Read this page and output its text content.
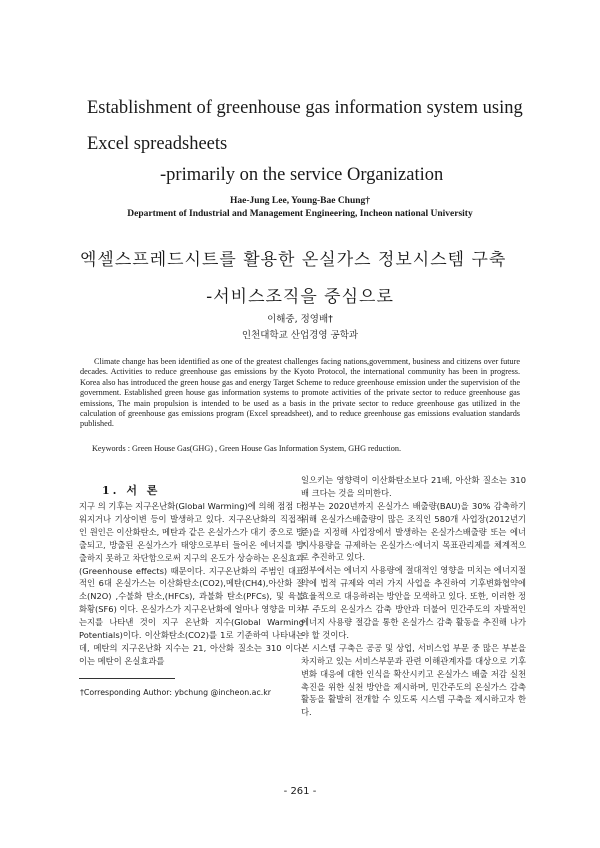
Establishment of greenhouse gas information system using
Excel spreadsheets
-primarily on the service Organization
Hae-Jung Lee, Young-Bae Chung†
Department of Industrial and Management Engineering, Incheon national University
엑셀스프레드시트를 활용한 온실가스 정보시스템 구축
-서비스조직을 중심으로
이해중, 정영배†
인천대학교 산업경영 공학과

Climate change has been identified as one of the greatest challenges facing nations,government, business and citizens over future decades. Activities to reduce greenhouse gas emissions by the Kyoto Protocol, the international community has been in progress. Korea also has introduced the green house gas and energy Target Scheme to reduce greenhouse emission under the supervision of the government. Established green house gas information systems to promote activities of the private sector to reduce greenhouse gas emissions, The main propulsion is intended to be used as a basis in the private sector to reduce greenhouse gas utilized in the calculation of greenhouse gas emissions program (Excel spreadsheet), and to reduce greenhouse gas emissions evaluation standards published.

Keywords : Green House Gas(GHG) , Green House Gas Information System, GHG reduction.
1. 서 론

지구 의 기후는 지구온난화(Global Warming)에 의해 점점 더워지거나 기상이변 등이 발생하고 있다. 지구온난화의 직접적인 원인은 이산화탄소, 메탄과 같은 온실가스가 대기 중으로 방출되고, 방출된 온실가스가 태양으로부터 들어온 에너지를 방출하지 못하고 차단함으로써 지구의 온도가 상승하는 온실효과(Greenhouse effects) 때문이다. 지구온난화의 주범인 대표적인 6대 온실가스는 이산화탄소(CO2),메탄(CH4),아산화 질소(N2O) ,수불화 탄소,(HFCs), 과불화 탄소(PFCs), 및 육불화황(SF6) 이다. 온실가스가 지구온난화에 얼마나 영향을 미치는지를 나타낸 것이 지구 온난화 지수(Global Warming Potentials)이다. 이산화탄소(CO2)를 1로 기준하여 나타내는데, 메탄의 지구온난화 지수는 21, 아산화 질소는 310 이다. 이는 메탄이 온실효과를

일으키는 영향력이 이산화탄소보다 21배, 아산화 질소는 310배 크다는 것을 의미한다.

정부는 2020년까지 온실가스 배출량(BAU)을 30% 감축하기 위해 온실가스배출량이 많은 조직인 580개 사업장(2012년기준)을 지정해 사업장에서 발생하는 온실가스배출량 또는 에너지사용량을 규제하는 온실가스·에너지 목표관리제를 체계적으로 추진하고 있다.

정부에서는 에너지 사용량에 절대적인 영향을 미치는 에너지절약에 법적 규제와 여러 가지 사업을 추진하여 기후변화협약에 효율적으로 대응하려는 방안을 모색하고 있다. 또한, 이러한 정부 주도의 온실가스 감축 방안과 더불어 민간주도의 자발적인 에너지 사용량 절감을 통한 온실가스 감축 활동을 추진해 나가야 할 것이다.

본 시스템 구축은 공공 및 상업, 서비스업 부문 중 많은 부분을 차지하고 있는 서비스부문과 관련 이해관계자를 대상으로 기후변화 대응에 대한 인식을 확산시키고 온실가스 배출 저감 실천 촉진을 위한 실천 방안을 제시하며, 민간주도의 온실가스 감축 활동을 활발히 전개할 수 있도록 시스템 구축을 제시하고자 한다.

†Corresponding Author: ybchung @incheon.ac.kr
- 261 -
